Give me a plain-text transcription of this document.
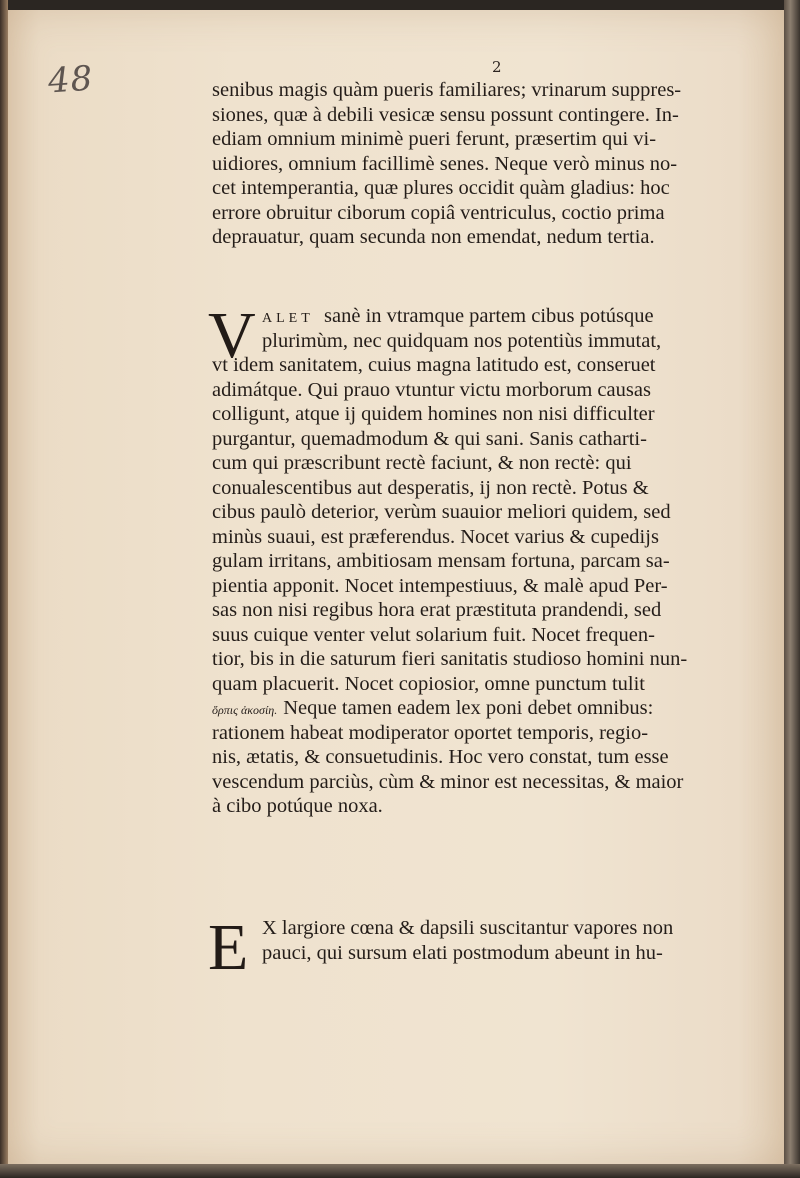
48	2
senibus magis quàm pueris familiares; vrinarum suppres-
siones, quæ à debili vesicæ sensu possunt contingere. In-
ediam omnium minimè pueri ferunt, præsertim qui vi-
uidiores, omnium facillimè senes. Neque verò minus no-
cet intemperantia, quæ plures occidit quàm gladius: hoc
errore obruitur ciborum copiâ ventriculus, coctio prima
deprauatur, quam secunda non emendat, nedum tertia.
V alet sanè in vtramque partem cibus potúsque
plurimùm, nec quidquam nos potentiùs immutat,
vt idem sanitatem, cuius magna latitudo est, conseruet
adimátque. Qui prauo vtuntur victu morborum causas
colligunt, atque ij quidem homines non nisi difficulter
purgantur, quemadmodum & qui sani. Sanis catharti-
cum qui præscribunt rectè faciunt, & non rectè: qui
conualescentibus aut desperatis, ij non rectè. Potus &
cibus paulò deterior, verùm suauior meliori quidem, sed
minùs suaui, est præferendus. Nocet varius & cupedijs
gulam irritans, ambitiosam mensam fortuna, parcam sa-
pientia apponit. Nocet intempestiuus, & malè apud Per-
sas non nisi regibus hora erat præstituta prandendi, sed
suus cuique venter velut solarium fuit. Nocet frequen-
tior, bis in die saturum fieri sanitatis studioso homini nun-
quam placuerit. Nocet copiosior, omne punctum tulit
ὅρπις ἀκοσίη. Neque tamen eadem lex poni debet omnibus:
rationem habeat modiperator oportet temporis, regio-
nis, ætatis, & consuetudinis. Hoc vero constat, tum esse
vescendum parciùs, cùm & minor est necessitas, & maior
à cibo potúque noxa.
E X largiore cœna & dapsili suscitantur vapores non
pauci, qui sursum elati postmodum abeunt in hu-
